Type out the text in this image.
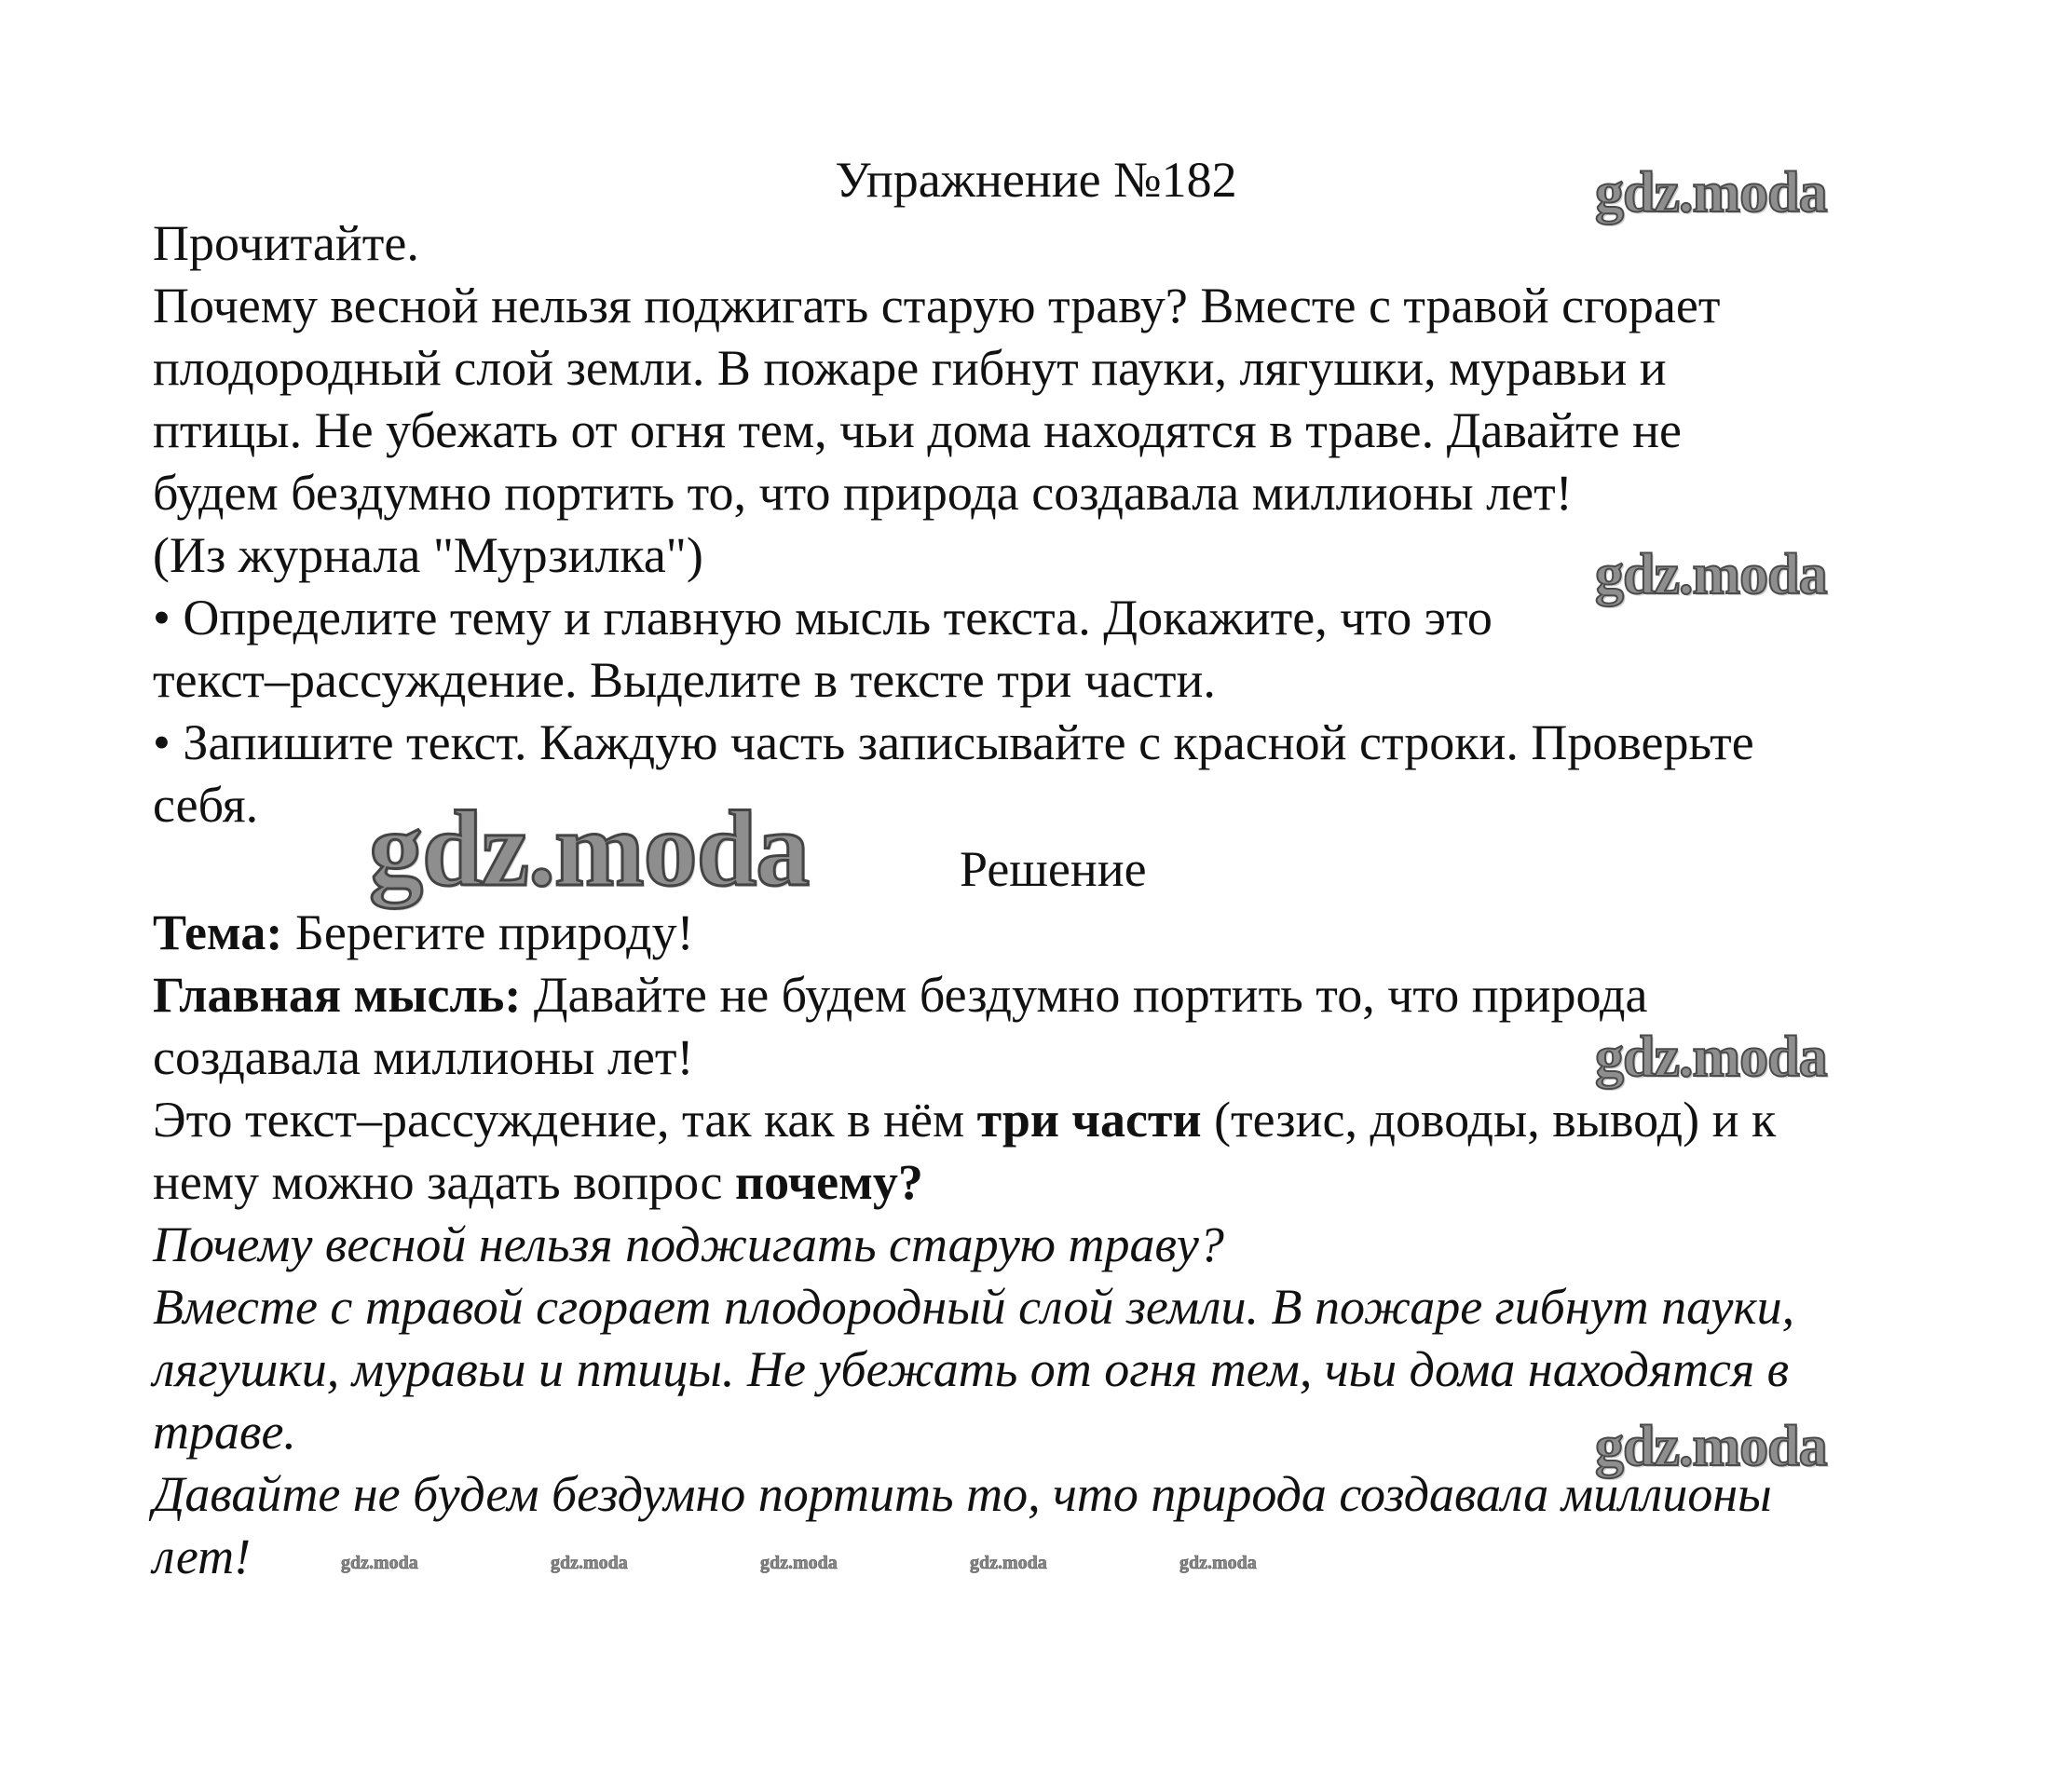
gdz.moda
gdz.moda
gdz.moda
gdz.moda
gdz.moda
Упражнение №182
Прочитайте.
Почему весной нельзя поджигать старую траву? Вместе с травой сгорает
плодородный слой земли. В пожаре гибнут пауки, лягушки, муравьи и
птицы. Не убежать от огня тем, чьи дома находятся в траве. Давайте не
будем бездумно портить то, что природа создавала миллионы лет!
(Из журнала "Мурзилка")
• Определите тему и главную мысль текста. Докажите, что это
текст–рассуждение. Выделите в тексте три части.
• Запишите текст. Каждую часть записывайте с красной строки. Проверьте
себя.
Решение
Тема: Берегите природу!
Главная мысль: Давайте не будем бездумно портить то, что природа
создавала миллионы лет!
Это текст–рассуждение, так как в нём три части (тезис, доводы, вывод) и к
нему можно задать вопрос почему?
Почему весной нельзя поджигать старую траву?
Вместе с травой сгорает плодородный слой земли. В пожаре гибнут пауки,
лягушки, муравьи и птицы. Не убежать от огня тем, чьи дома находятся в
траве.
Давайте не будем бездумно портить то, что природа создавала миллионы
лет!	gdz.moda	gdz.moda	gdz.moda	gdz.moda	gdz.moda
